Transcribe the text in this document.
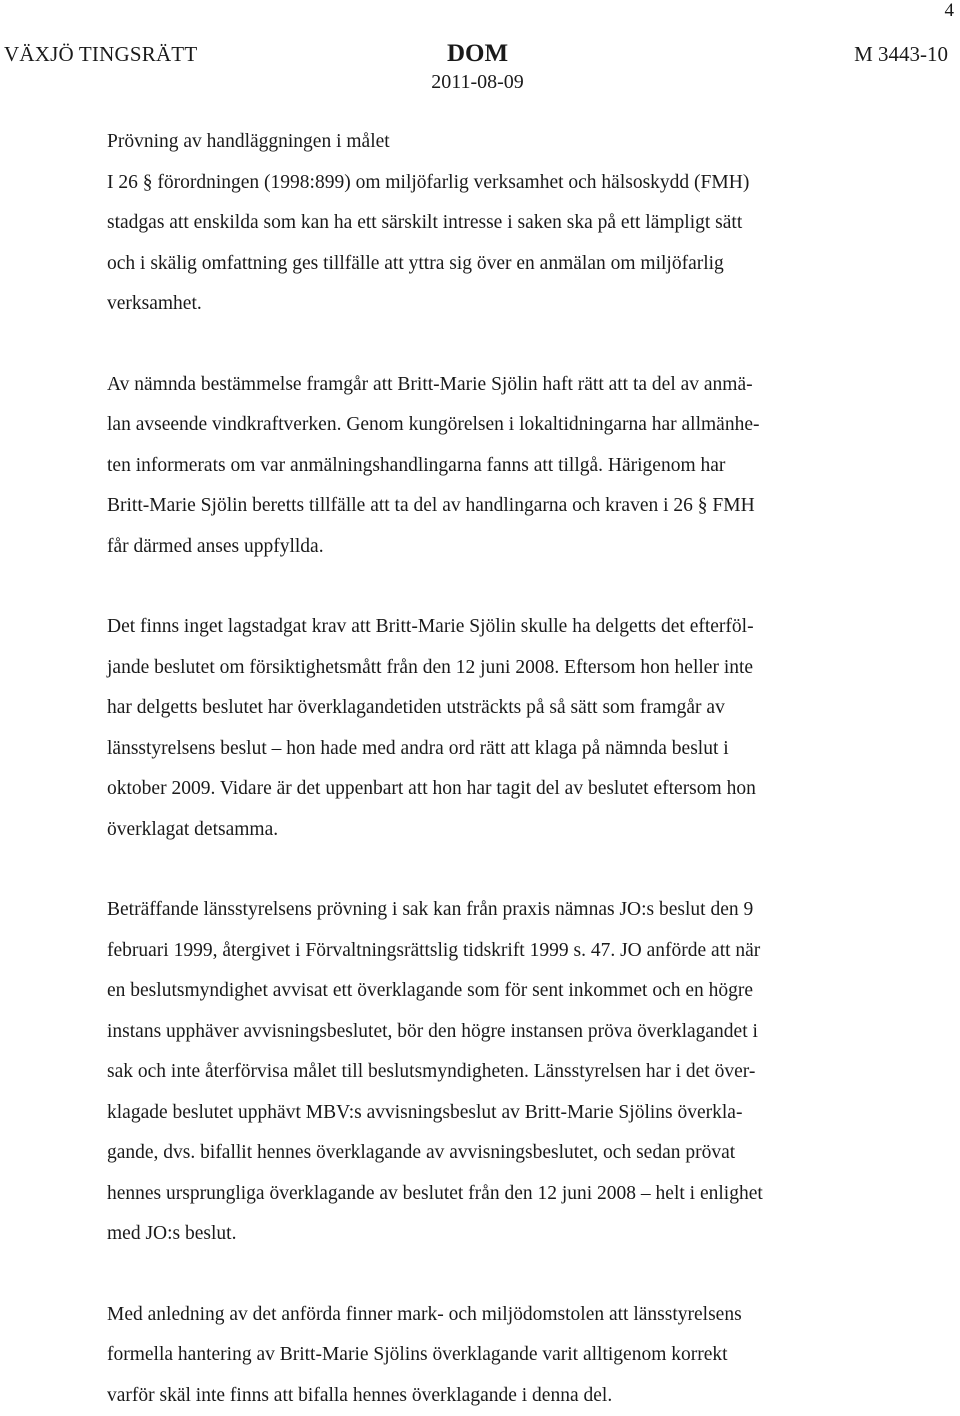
4
VÄXJÖ TINGSRÄTT	DOM
2011-08-09
M 3443-10

Prövning av handläggningen i målet

I 26 § förordningen (1998:899) om miljöfarlig verksamhet och hälsoskydd (FMH)

stadgas att enskilda som kan ha ett särskilt intresse i saken ska på ett lämpligt sätt

och i skälig omfattning ges tillfälle att yttra sig över en anmälan om miljöfarlig

verksamhet.

Av nämnda bestämmelse framgår att Britt-Marie Sjölin haft rätt att ta del av anmä-

lan avseende vindkraftverken. Genom kungörelsen i lokaltidningarna har allmänhe-

ten informerats om var anmälningshandlingarna fanns att tillgå. Härigenom har

Britt-Marie Sjölin beretts tillfälle att ta del av handlingarna och kraven i 26 § FMH

får därmed anses uppfyllda.

Det finns inget lagstadgat krav att Britt-Marie Sjölin skulle ha delgetts det efterföl-

jande beslutet om försiktighetsmått från den 12 juni 2008. Eftersom hon heller inte

har delgetts beslutet har överklagandetiden utsträckts på så sätt som framgår av

länsstyrelsens beslut – hon hade med andra ord rätt att klaga på nämnda beslut i

oktober 2009. Vidare är det uppenbart att hon har tagit del av beslutet eftersom hon

överklagat detsamma.

Beträffande länsstyrelsens prövning i sak kan från praxis nämnas JO:s beslut den 9

februari 1999, återgivet i Förvaltningsrättslig tidskrift 1999 s. 47. JO anförde att när

en beslutsmyndighet avvisat ett överklagande som för sent inkommet och en högre

instans upphäver avvisningsbeslutet, bör den högre instansen pröva överklagandet i

sak och inte återförvisa målet till beslutsmyndigheten. Länsstyrelsen har i det över-

klagade beslutet upphävt MBV:s avvisningsbeslut av Britt-Marie Sjölins överkla-

gande, dvs. bifallit hennes överklagande av avvisningsbeslutet, och sedan prövat

hennes ursprungliga överklagande av beslutet från den 12 juni 2008 – helt i enlighet

med JO:s beslut.

Med anledning av det anförda finner mark- och miljödomstolen att länsstyrelsens

formella hantering av Britt-Marie Sjölins överklagande varit alltigenom korrekt

varför skäl inte finns att bifalla hennes överklagande i denna del.
